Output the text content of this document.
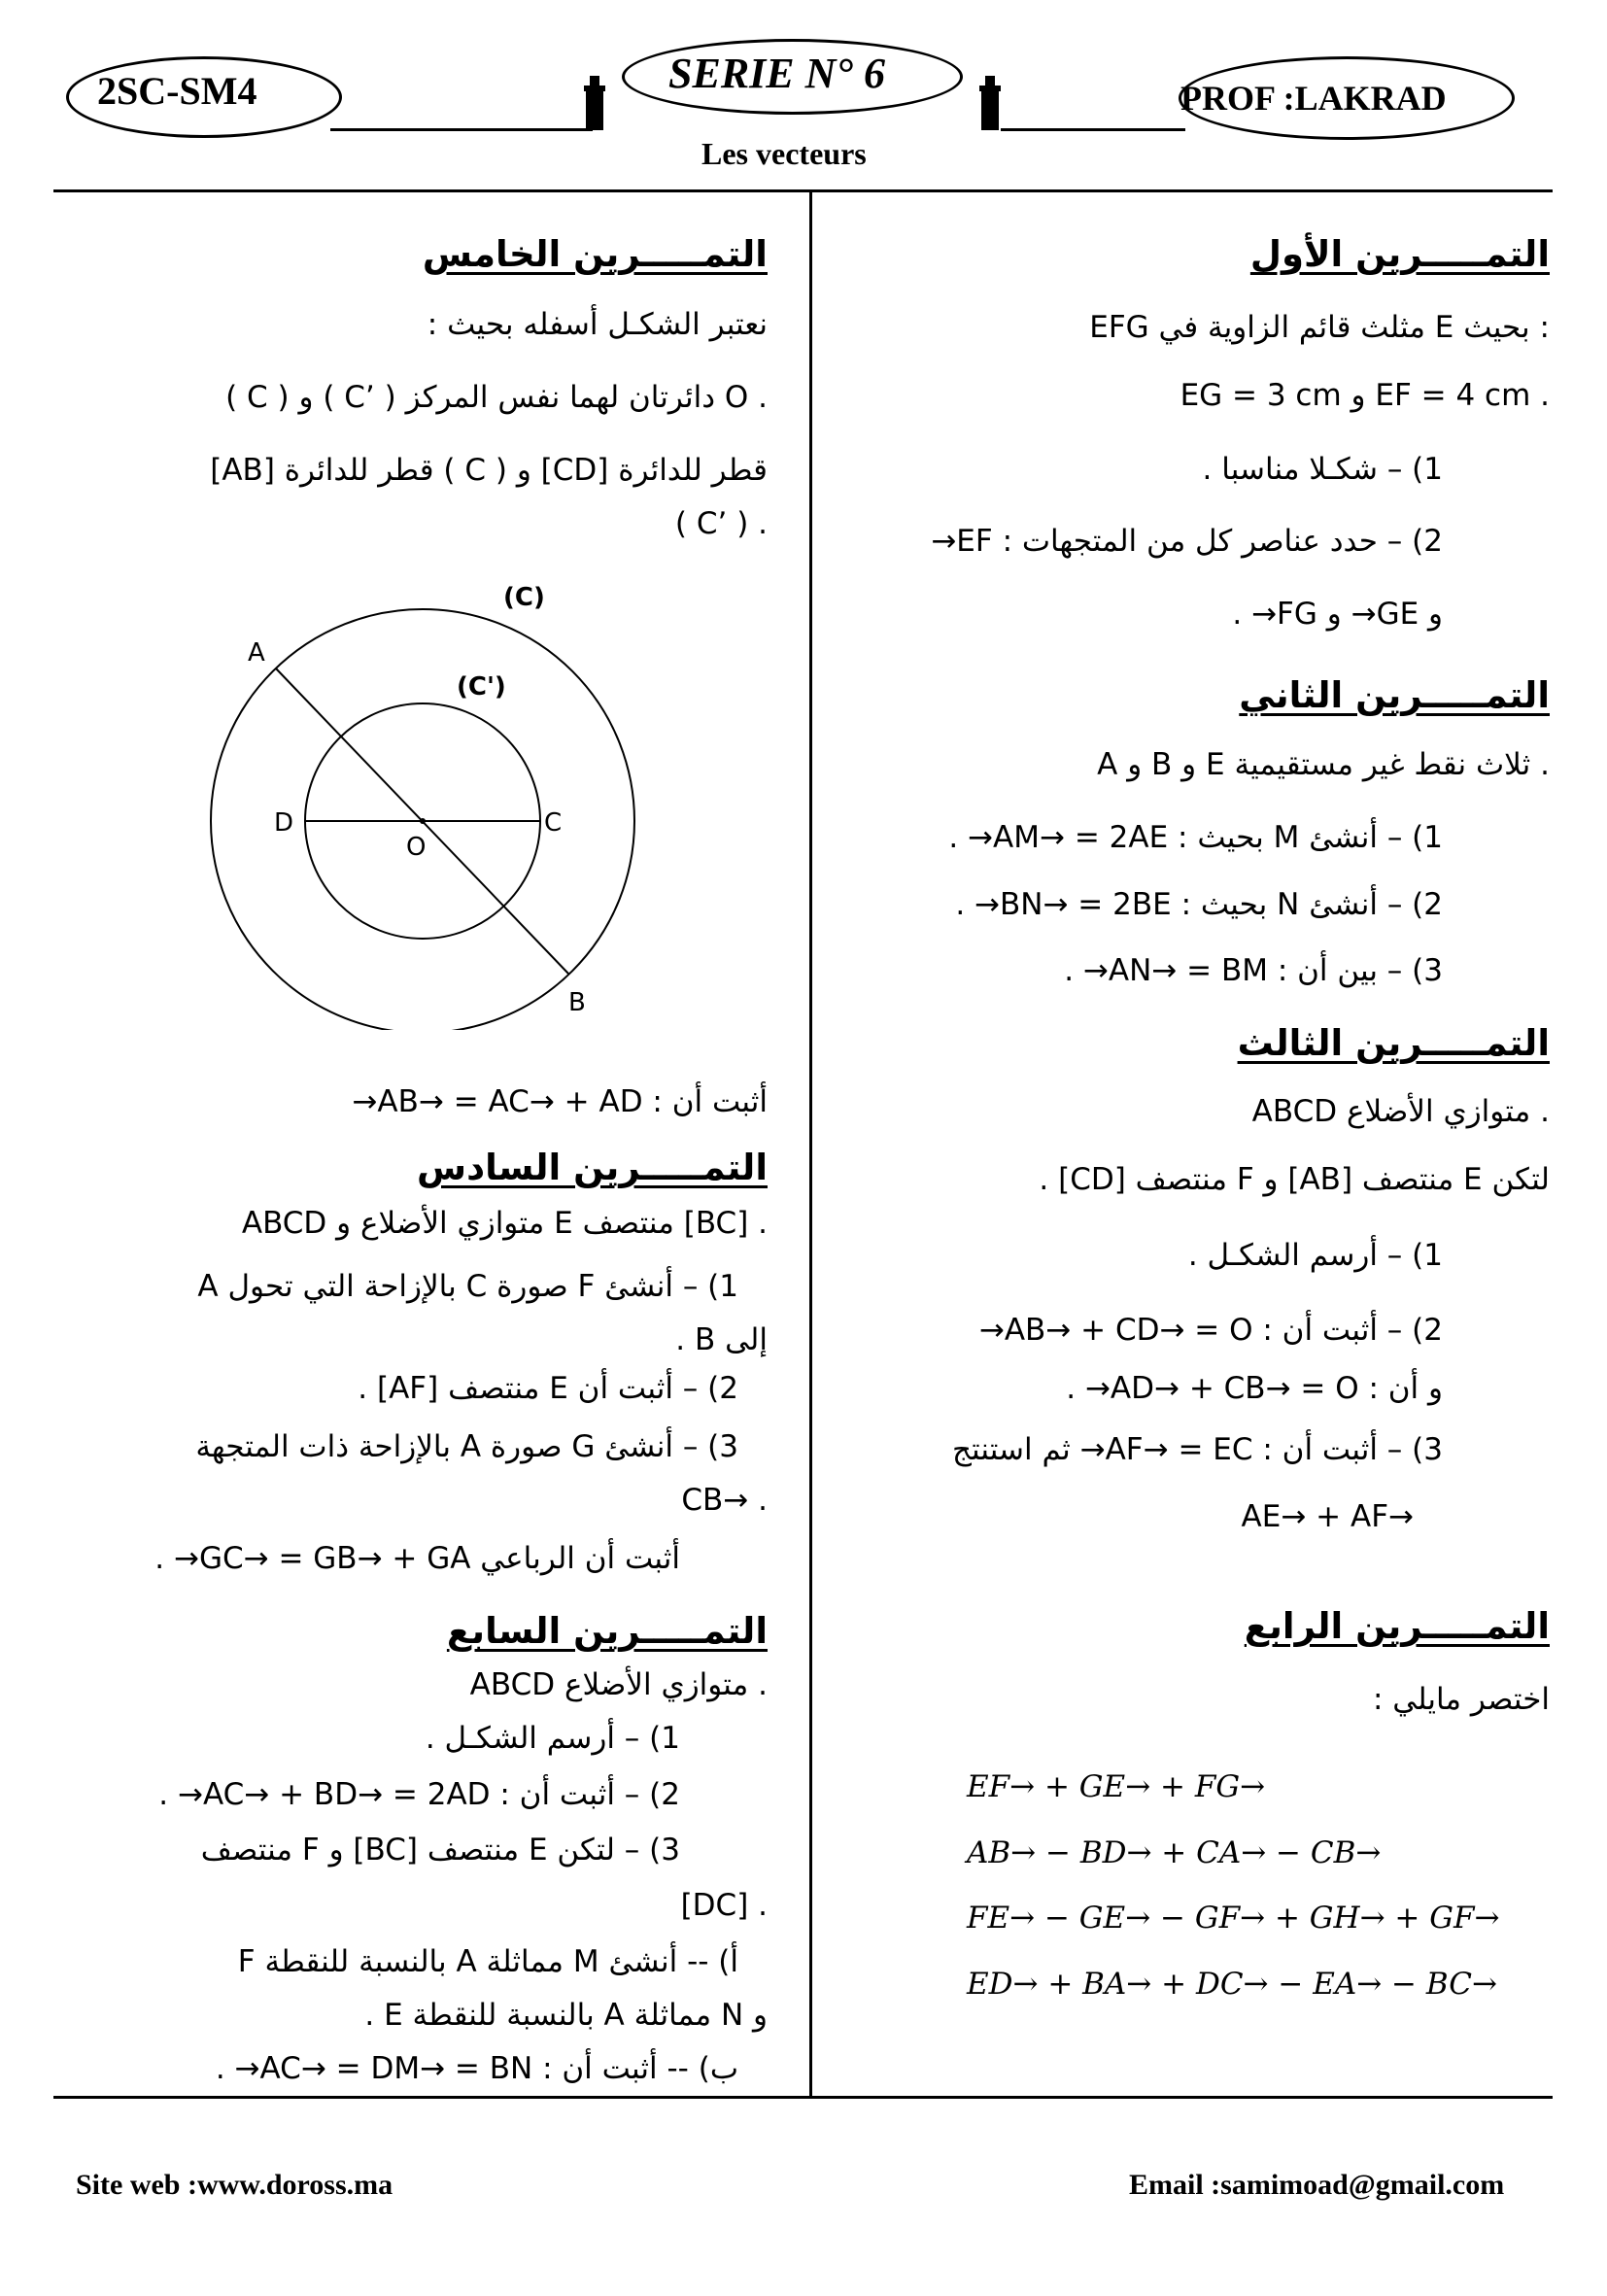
2SC-SM4	SERIE N° 6
PROF :LAKRAD
Les vecteurs
التمـــــرين الأول
EFG مثلث قائم الزاوية في E بحيث :
EG = 3 cm و EF = 4 cm .
1) – شكـلا مناسبا .
2) – حدد عناصر كل من المتجهات : EF→
و GE→ و FG→ .
التمـــــرين الثاني
A و B و E ثلاث نقط غير مستقيمية .
1) – أنشئ M بحيث : AM→ = 2AE→ .
2) – أنشئ N بحيث : BN→ = 2BE→ .
3) – بين أن : AN→ = BM→ .
التمـــــرين الثالث
ABCD متوازي الأضلاع .
لتكن E منتصف [AB] و F منتصف [CD] .
1) – أرسم الشكـل .
2) – أثبت أن : AB→ + CD→ = O→
و أن : AD→ + CB→ = O→ .
3) – أثبت أن : AF→ = EC→ ثم استنتج
AE→ + AF→
التمـــــرين الرابع
اختصر مايلي :
EF→ + GE→ + FG→
AB→ − BD→ + CA→ − CB→
FE→ − GE→ − GF→ + GH→ + GF→
ED→ + BA→ + DC→ − EA→ − BC→
التمـــــرين الخامس
نعتبر الشكـل أسفله بحيث :
( C ) و ( C’ ) دائرتان لهما نفس المركز O .
[AB] قطر للدائرة ( C ) و [CD] قطر للدائرة
( C’ ) .
أثبت أن : AB→ = AC→ + AD→
التمـــــرين السادس
ABCD متوازي الأضلاع و E منتصف [BC] .
1) – أنشئ F صورة C بالإزاحة التي تحول A
إلى B .
2) – أثبت أن E منتصف [AF] .
3) – أنشئ G صورة A بالإزاحة ذات المتجهة
CB→ .
أثبت أن الرباعي GC→ = GB→ + GA→ .
التمـــــرين السابع
ABCD متوازي الأضلاع .
1) – أرسم الشكـل .
2) – أثبت أن : AC→ + BD→ = 2AD→ .
3) – لتكن E منتصف [BC] و F منتصف
[DC] .
أ) -- أنشئ M مماثلة A بالنسبة للنقطة F
و N مماثلة A بالنسبة للنقطة E .
ب) -- أثبت أن : AC→ = DM→ = BN→ .
(C)
(C')
A
B
C
D
O
Site web :www.doross.ma	Email :samimoad@gmail.com
